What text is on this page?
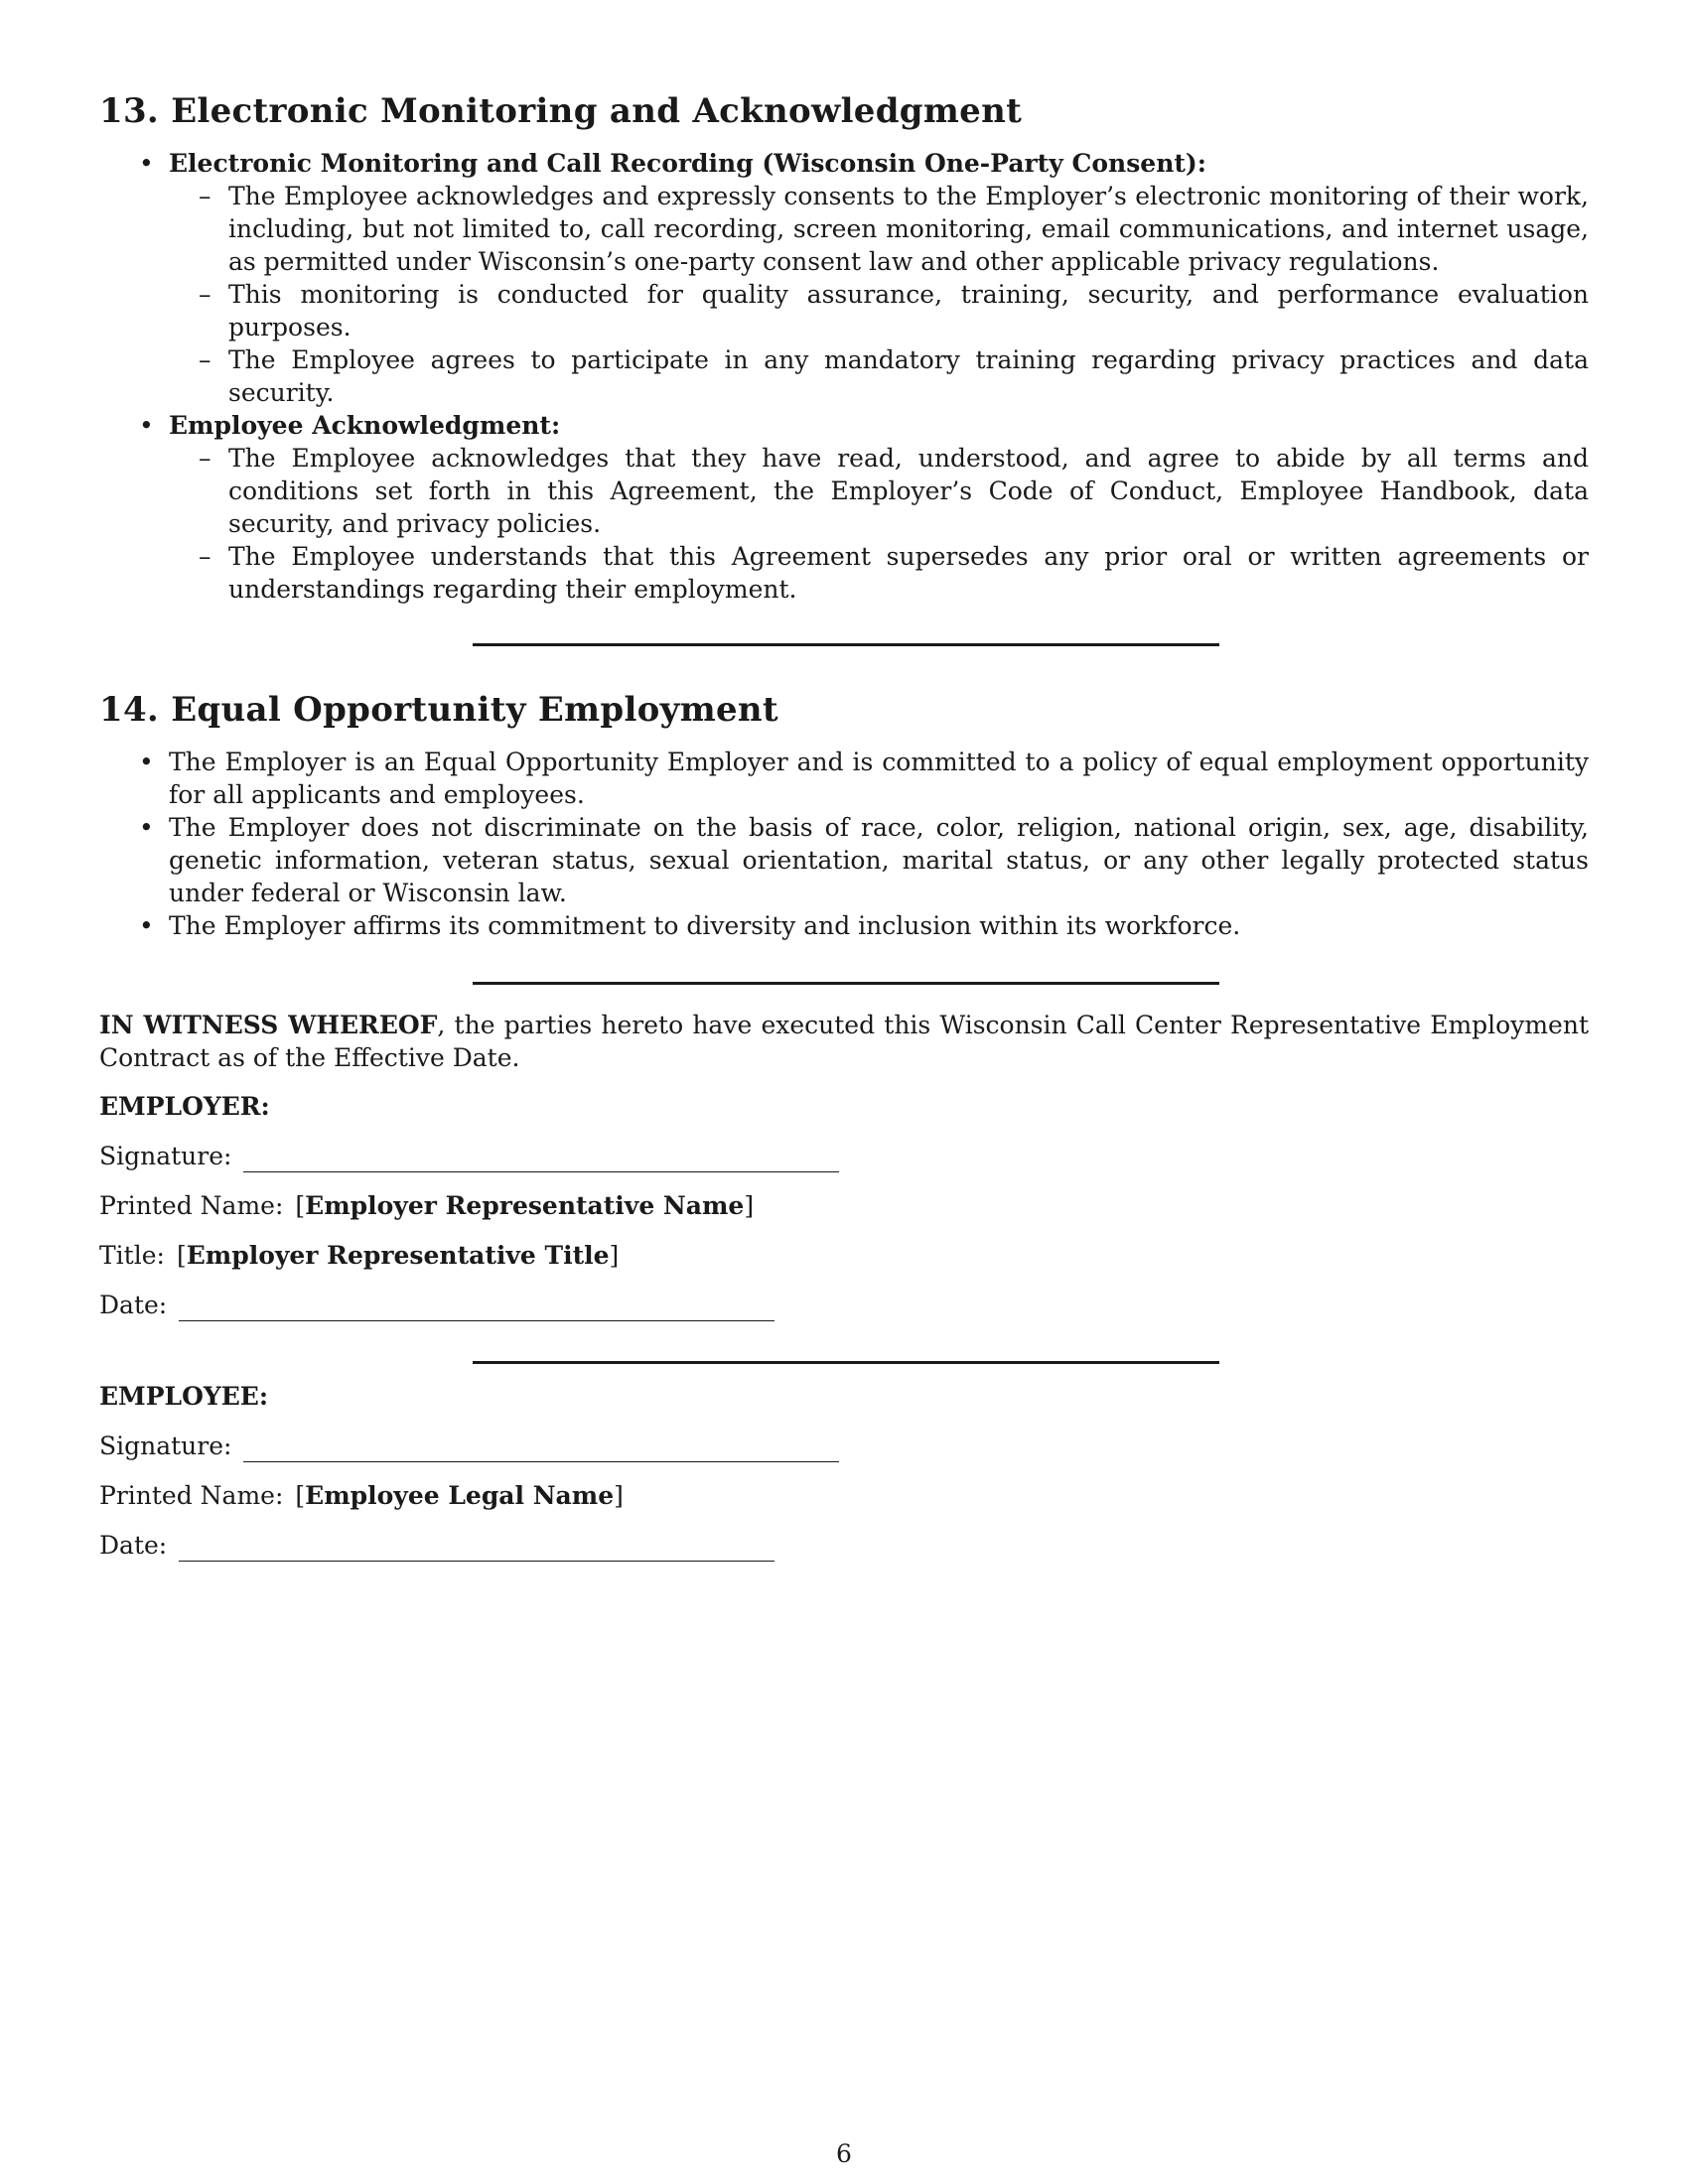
13. Electronic Monitoring and Acknowledgment
• Electronic Monitoring and Call Recording (Wisconsin One-Party Consent):
– The Employee acknowledges and expressly consents to the Employer’s electronic monitoring of their work, including, but not limited to, call recording, screen monitoring, email communications, and internet usage, as permitted under Wisconsin’s one-party consent law and other applicable privacy regulations.
– This monitoring is conducted for quality assurance, training, security, and performance evaluation purposes.
– The Employee agrees to participate in any mandatory training regarding privacy practices and data security.
• Employee Acknowledgment:
– The Employee acknowledges that they have read, understood, and agree to abide by all terms and conditions set forth in this Agreement, the Employer’s Code of Conduct, Employee Handbook, data security, and privacy policies.
– The Employee understands that this Agreement supersedes any prior oral or written agreements or understandings regarding their employment.
14. Equal Opportunity Employment
• The Employer is an Equal Opportunity Employer and is committed to a policy of equal employment opportunity for all applicants and employees.
• The Employer does not discriminate on the basis of race, color, religion, national origin, sex, age, disability, genetic information, veteran status, sexual orientation, marital status, or any other legally protected status under federal or Wisconsin law.
• The Employer affirms its commitment to diversity and inclusion within its workforce.

IN WITNESS WHEREOF, the parties hereto have executed this Wisconsin Call Center Representative Employment Contract as of the Effective Date.

EMPLOYER:

Signature:

Printed Name: [Employer Representative Name]

Title: [Employer Representative Title]

Date:

EMPLOYEE:

Signature:

Printed Name: [Employee Legal Name]

Date:

6
